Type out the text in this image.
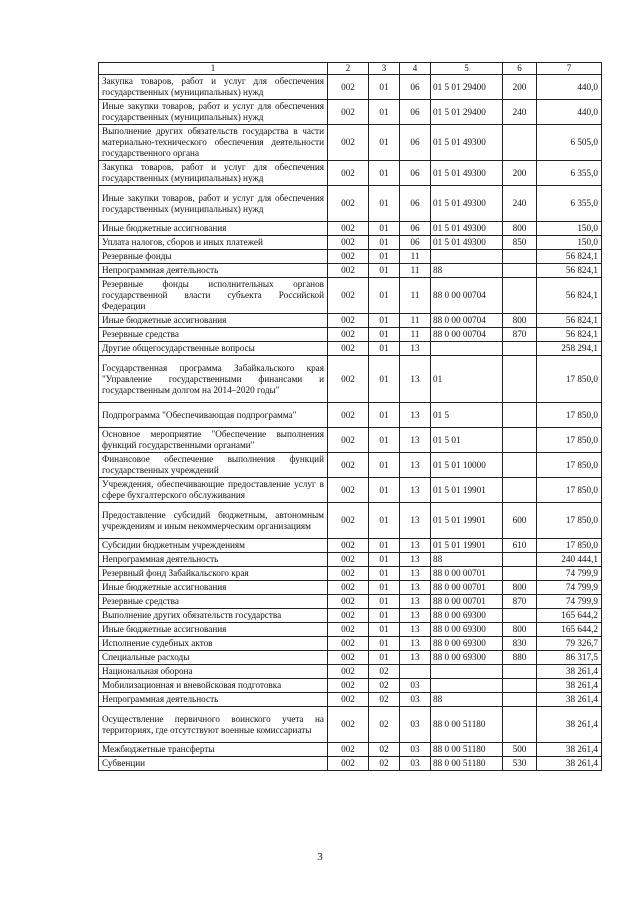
1	2	3	4	5	6	7
Закупка товаров, работ и услуг для обеспечения государственных (муниципальных) нужд	002	01	06	01 5 01 29400	200	440,0
Иные закупки товаров, работ и услуг для обеспечения государственных (муниципальных) нужд	002	01	06	01 5 01 29400	240	440,0
Выполнение других обязательств государства в части материально-технического обеспечения деятельности государственного органа	002	01	06	01 5 01 49300		6 505,0
Закупка товаров, работ и услуг для обеспечения государственных (муниципальных) нужд	002	01	06	01 5 01 49300	200	6 355,0
Иные закупки товаров, работ и услуг для обеспечения государственных (муниципальных) нужд	002	01	06	01 5 01 49300	240	6 355,0
Иные бюджетные ассигнования	002	01	06	01 5 01 49300	800	150,0
Уплата налогов, сборов и иных платежей	002	01	06	01 5 01 49300	850	150,0
Резервные фонды	002	01	11			56 824,1
Непрограммная деятельность	002	01	11	88		56 824,1
Резервные фонды исполнительных органов государственной власти субъекта Российской Федерации	002	01	11	88 0 00 00704		56 824,1
Иные бюджетные ассигнования	002	01	11	88 0 00 00704	800	56 824,1
Резервные средства	002	01	11	88 0 00 00704	870	56 824,1
Другие общегосударственные вопросы	002	01	13			258 294,1
Государственная программа Забайкальского края "Управление государственными финансами и государственным долгом на 2014–2020 годы"	002	01	13	01		17 850,0
Подпрограмма "Обеспечивающая подпрограмма"	002	01	13	01 5		17 850,0
Основное мероприятие "Обеспечение выполнения функций государственными органами"	002	01	13	01 5 01		17 850,0
Финансовое обеспечение выполнения функций государственных учреждений	002	01	13	01 5 01 10000		17 850,0
Учреждения, обеспечивающие предоставление услуг в сфере бухгалтерского обслуживания	002	01	13	01 5 01 19901		17 850,0
Предоставление субсидий бюджетным, автономным учреждениям и иным некоммерческим организациям	002	01	13	01 5 01 19901	600	17 850,0
Субсидии бюджетным учреждениям	002	01	13	01 5 01 19901	610	17 850,0
Непрограммная деятельность	002	01	13	88		240 444,1
Резервный фонд Забайкальского края	002	01	13	88 0 00 00701		74 799,9
Иные бюджетные ассигнования	002	01	13	88 0 00 00701	800	74 799,9
Резервные средства	002	01	13	88 0 00 00701	870	74 799,9
Выполнение других обязательств государства	002	01	13	88 0 00 69300		165 644,2
Иные бюджетные ассигнования	002	01	13	88 0 00 69300	800	165 644,2
Исполнение судебных актов	002	01	13	88 0 00 69300	830	79 326,7
Специальные расходы	002	01	13	88 0 00 69300	880	86 317,5
Национальная оборона	002	02				38 261,4
Мобилизационная и вневойсковая подготовка	002	02	03			38 261,4
Непрограммная деятельность	002	02	03	88		38 261,4
Осуществление первичного воинского учета на территориях, где отсутствуют военные комиссариаты	002	02	03	88 0 00 51180		38 261,4
Межбюджетные трансферты	002	02	03	88 0 00 51180	500	38 261,4
Субвенции	002	02	03	88 0 00 51180	530	38 261,4
3
